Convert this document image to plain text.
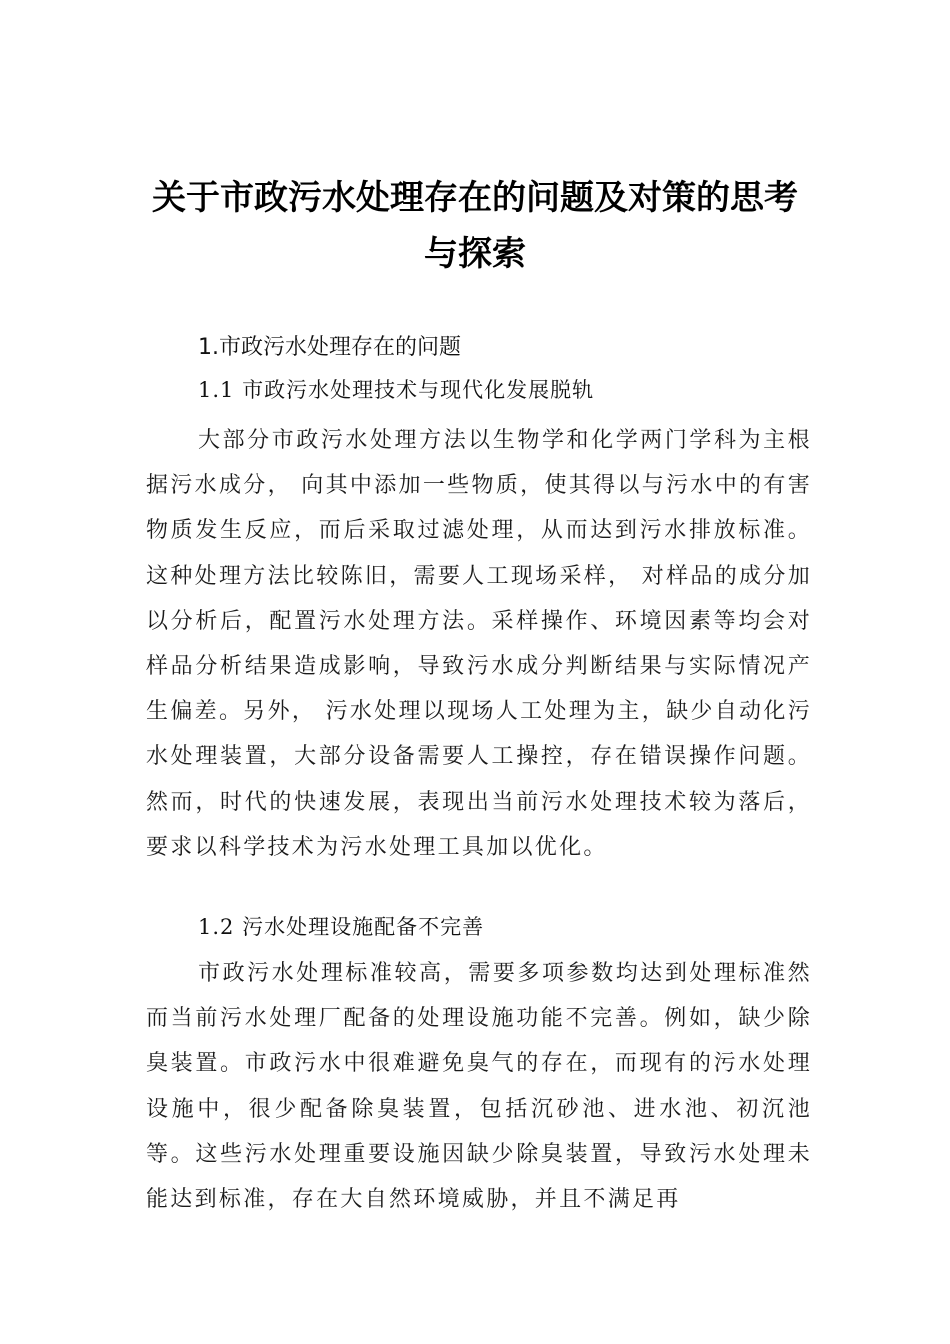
关于市政污水处理存在的问题及对策的思考与探索
1.市政污水处理存在的问题
1.1 市政污水处理技术与现代化发展脱轨
大部分市政污水处理方法以生物学和化学两门学科为主根据污水成分， 向其中添加一些物质，使其得以与污水中的有害物质发生反应，而后采取过滤处理，从而达到污水排放标准。这种处理方法比较陈旧，需要人工现场采样， 对样品的成分加以分析后，配置污水处理方法。采样操作、环境因素等均会对样品分析结果造成影响，导致污水成分判断结果与实际情况产生偏差。另外， 污水处理以现场人工处理为主，缺少自动化污水处理装置，大部分设备需要人工操控，存在错误操作问题。然而，时代的快速发展，表现出当前污水处理技术较为落后，要求以科学技术为污水处理工具加以优化。
1.2 污水处理设施配备不完善
市政污水处理标准较高，需要多项参数均达到处理标准然而当前污水处理厂配备的处理设施功能不完善。例如，缺少除臭装置。市政污水中很难避免臭气的存在，而现有的污水处理设施中，很少配备除臭装置，包括沉砂池、进水池、初沉池等。这些污水处理重要设施因缺少除臭装置，导致污水处理未能达到标准，存在大自然环境威胁，并且不满足再
